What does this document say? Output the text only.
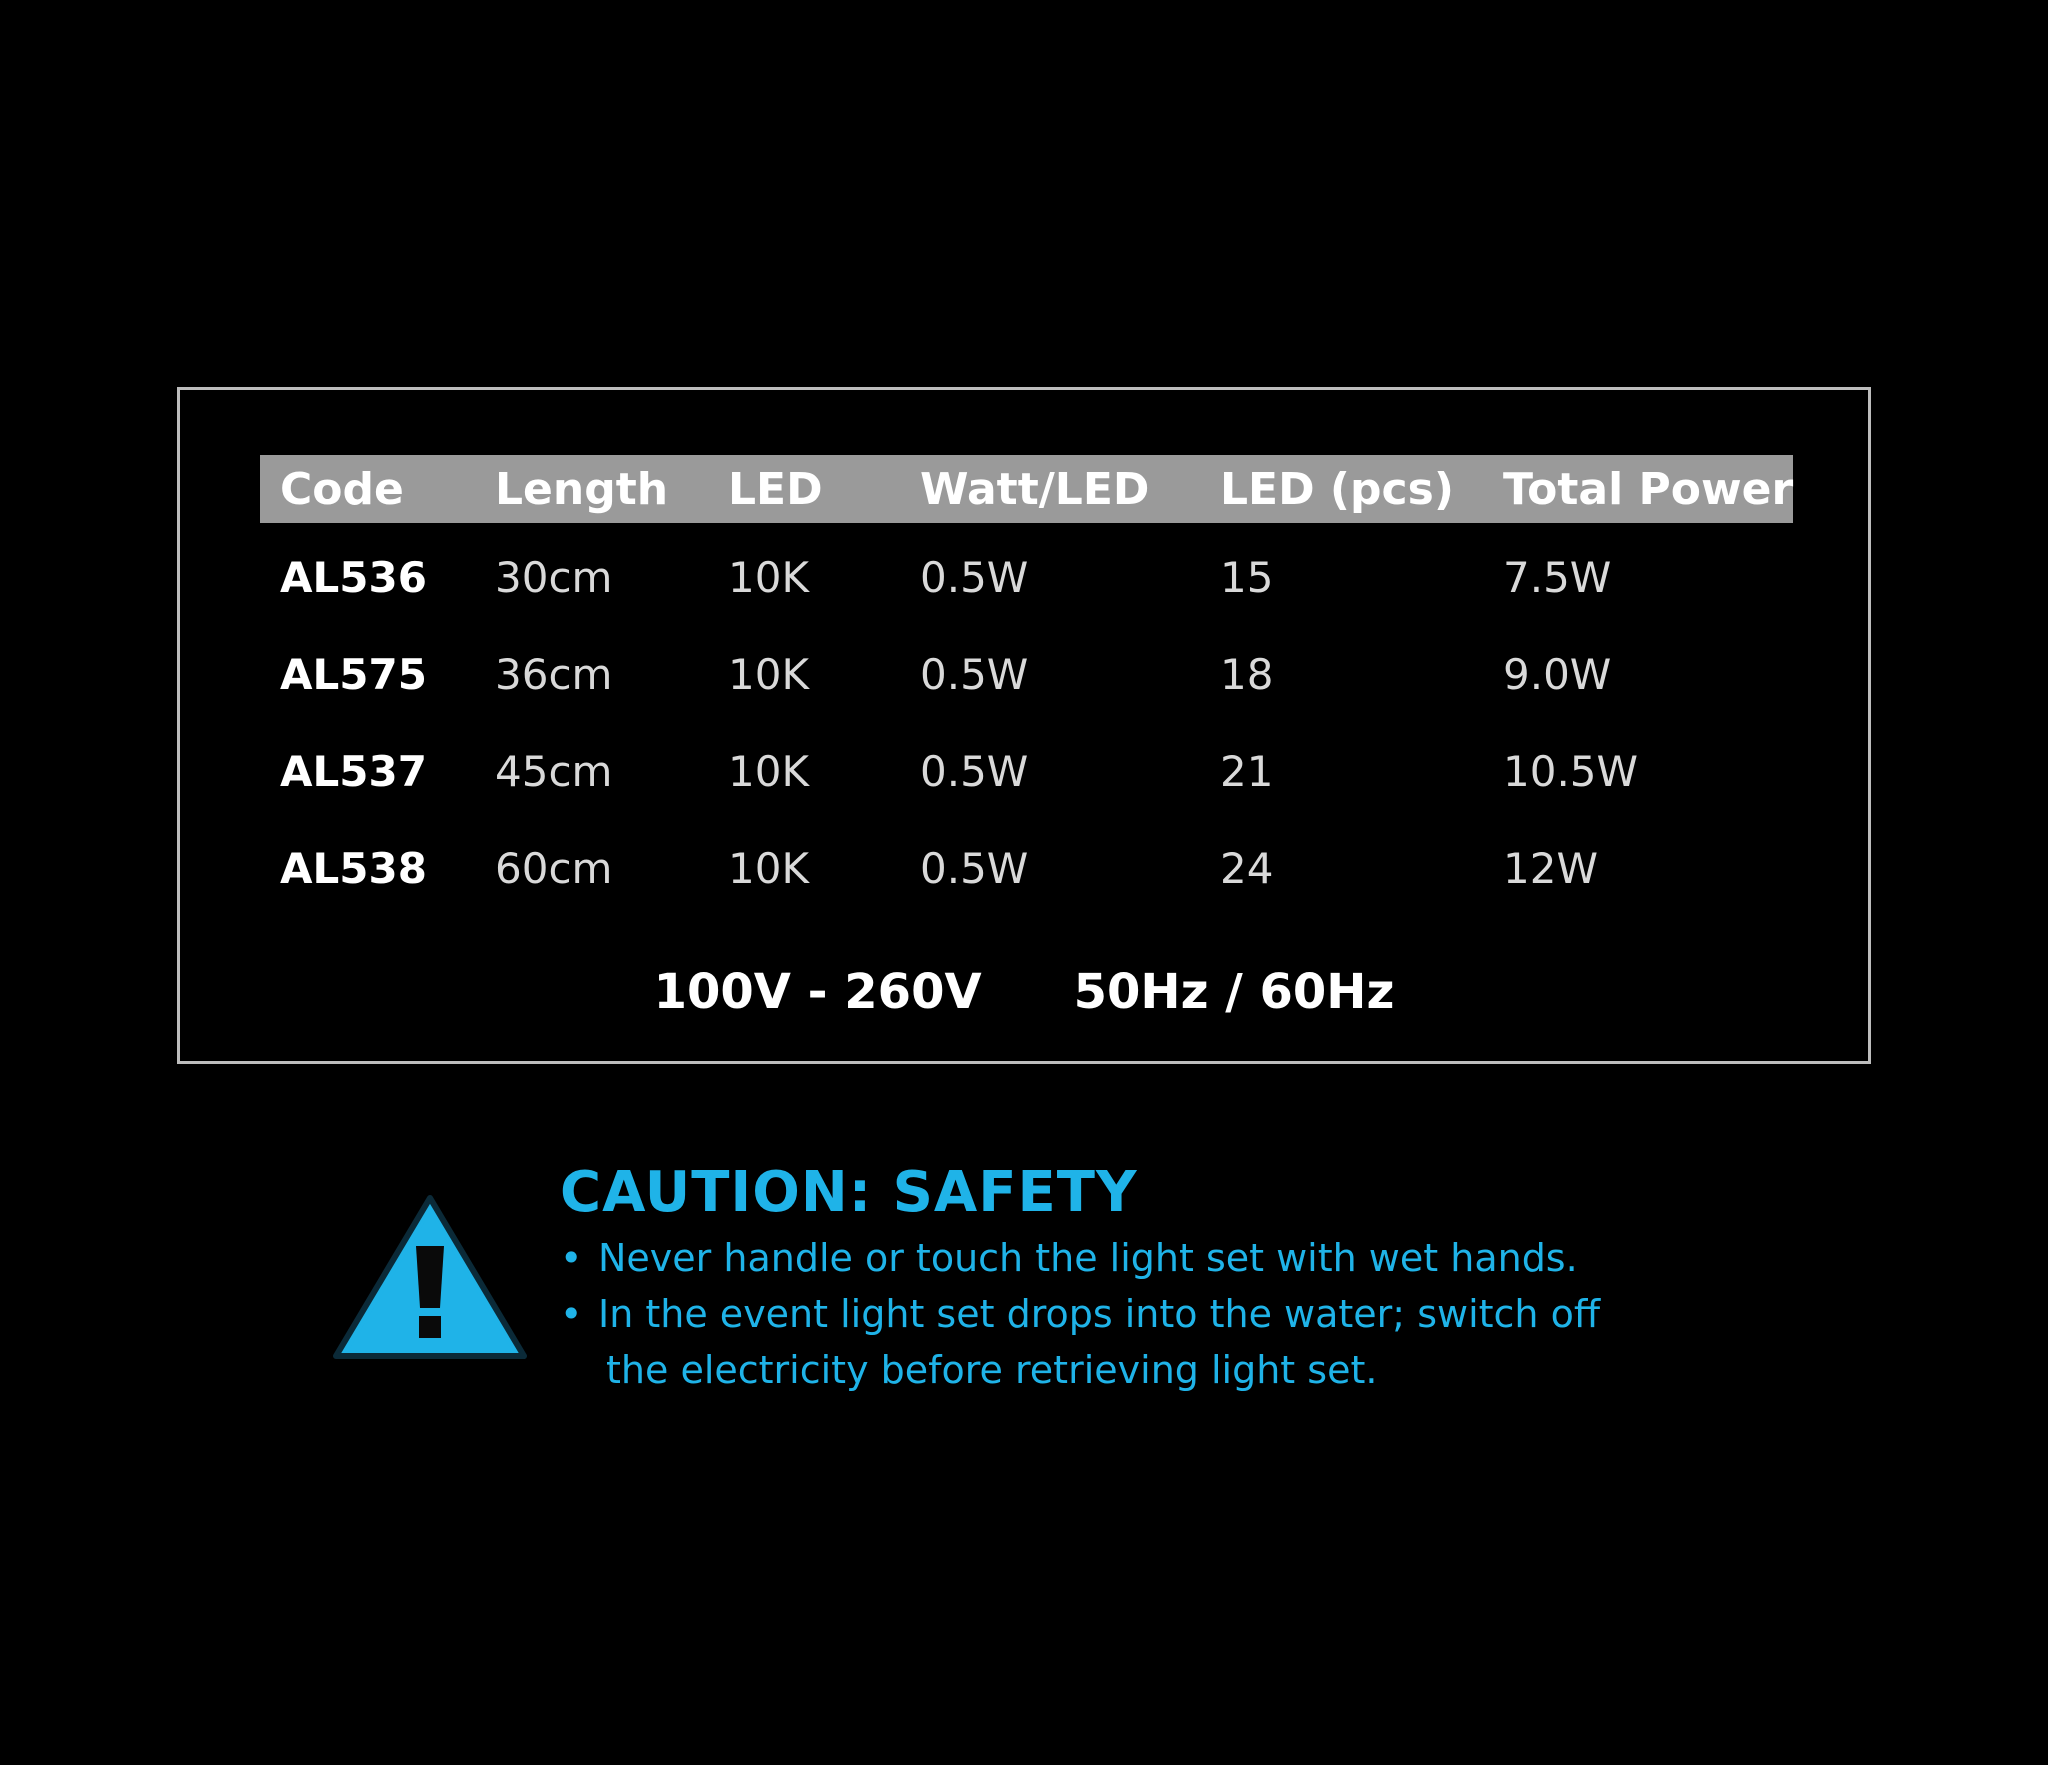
Code	Length	LED	Watt/LED	LED (pcs)	Total Power
AL536	30cm	10K	0.5W	15	7.5W
AL575	36cm	10K	0.5W	18	9.0W
AL537	45cm	10K	0.5W	21	10.5W
AL538	60cm	10K	0.5W	24	12W
100V - 260V 50Hz / 60Hz
CAUTION: SAFETY
• Never handle or touch the light set with wet hands.
• In the event light set drops into the water; switch off
the electricity before retrieving light set.
